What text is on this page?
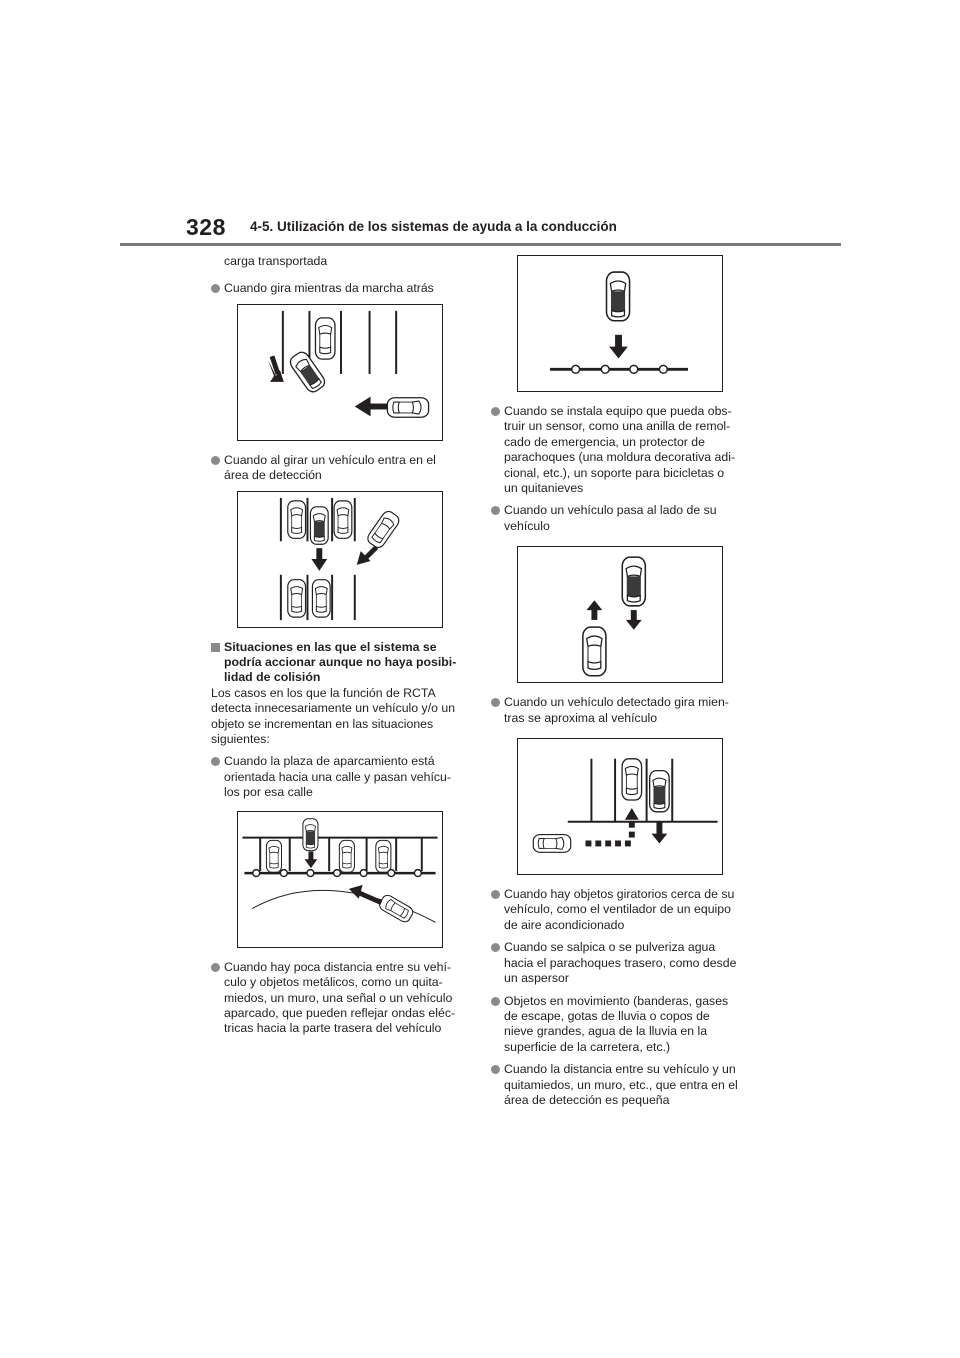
328 4-5. Utilización de los sistemas de ayuda a la conducción

carga transportada

Cuando gira mientras da marcha atrás

Cuando al girar un vehículo entra en el

área de detección

Situaciones en las que el sistema se

podría accionar aunque no haya posibi-

lidad de colisión

Los casos en los que la función de RCTA

detecta innecesariamente un vehículo y/o un

objeto se incrementan en las situaciones

siguientes:

Cuando la plaza de aparcamiento está

orientada hacia una calle y pasan vehícu-

los por esa calle

Cuando hay poca distancia entre su vehí-

culo y objetos metálicos, como un quita-

miedos, un muro, una señal o un vehículo

aparcado, que pueden reflejar ondas eléc-

tricas hacia la parte trasera del vehículo

Cuando se instala equipo que pueda obs-

truir un sensor, como una anilla de remol-

cado de emergencia, un protector de

parachoques (una moldura decorativa adi-

cional, etc.), un soporte para bicicletas o

un quitanieves

Cuando un vehículo pasa al lado de su

vehículo

Cuando un vehículo detectado gira mien-

tras se aproxima al vehículo

Cuando hay objetos giratorios cerca de su

vehículo, como el ventilador de un equipo

de aire acondicionado

Cuando se salpica o se pulveriza agua

hacia el parachoques trasero, como desde

un aspersor

Objetos en movimiento (banderas, gases

de escape, gotas de lluvia o copos de

nieve grandes, agua de la lluvia en la

superficie de la carretera, etc.)

Cuando la distancia entre su vehículo y un

quitamiedos, un muro, etc., que entra en el

área de detección es pequeña
